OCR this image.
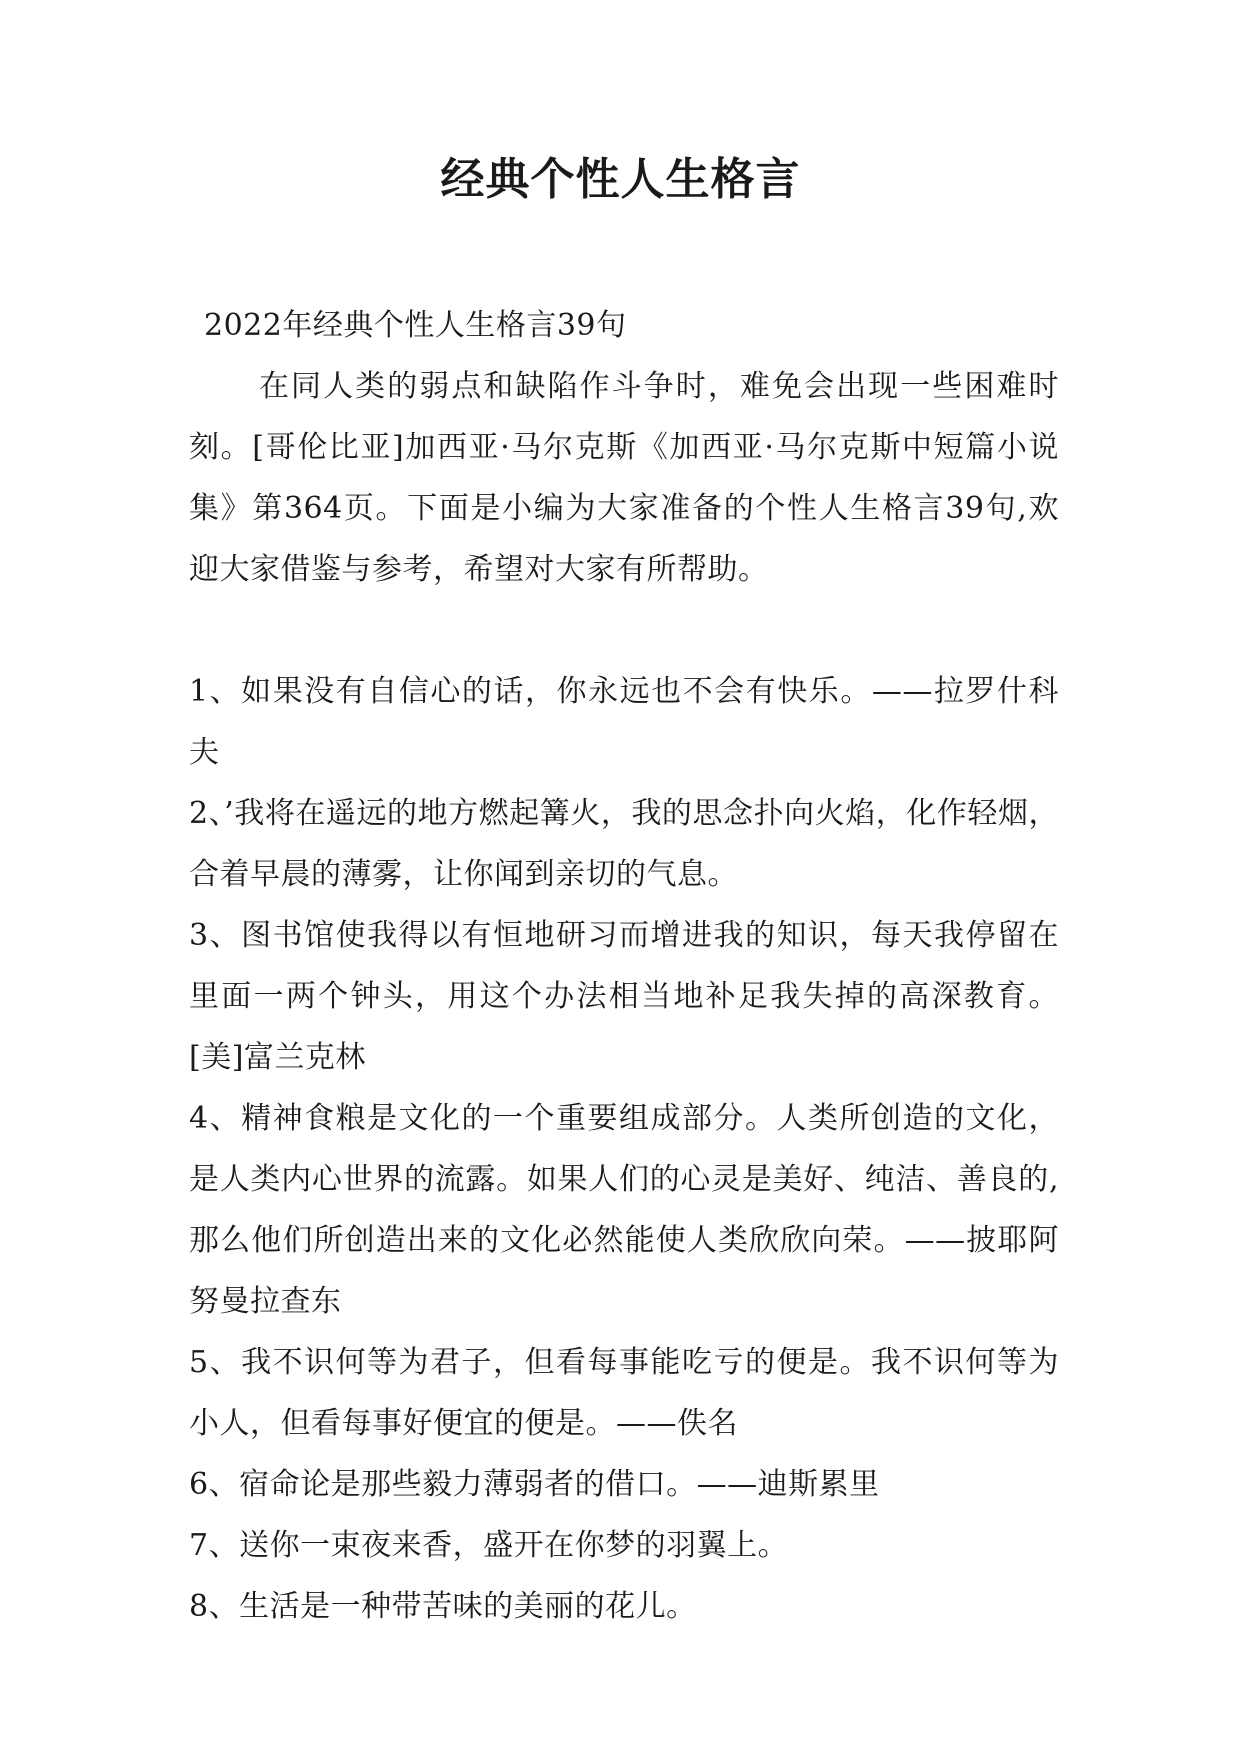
经典个性人生格言

2022年经典个性人生格言39句

在同人类的弱点和缺陷作斗争时，难免会出现一些困难时刻。[哥伦比亚]加西亚·马尔克斯《加西亚·马尔克斯中短篇小说集》第364页。下面是小编为大家准备的个性人生格言39句,欢迎大家借鉴与参考，希望对大家有所帮助。

1、如果没有自信心的话，你永远也不会有快乐。——拉罗什科夫

2、’我将在遥远的地方燃起篝火，我的思念扑向火焰，化作轻烟，合着早晨的薄雾，让你闻到亲切的气息。

3、图书馆使我得以有恒地研习而增进我的知识，每天我停留在里面一两个钟头，用这个办法相当地补足我失掉的高深教育。[美]富兰克林

4、精神食粮是文化的一个重要组成部分。人类所创造的文化，是人类内心世界的流露。如果人们的心灵是美好、纯洁、善良的,那么他们所创造出来的文化必然能使人类欣欣向荣。——披耶阿努曼拉查东

5、我不识何等为君子，但看每事能吃亏的便是。我不识何等为小人，但看每事好便宜的便是。——佚名

6、宿命论是那些毅力薄弱者的借口。——迪斯累里

7、送你一束夜来香，盛开在你梦的羽翼上。

8、生活是一种带苦味的美丽的花儿。
